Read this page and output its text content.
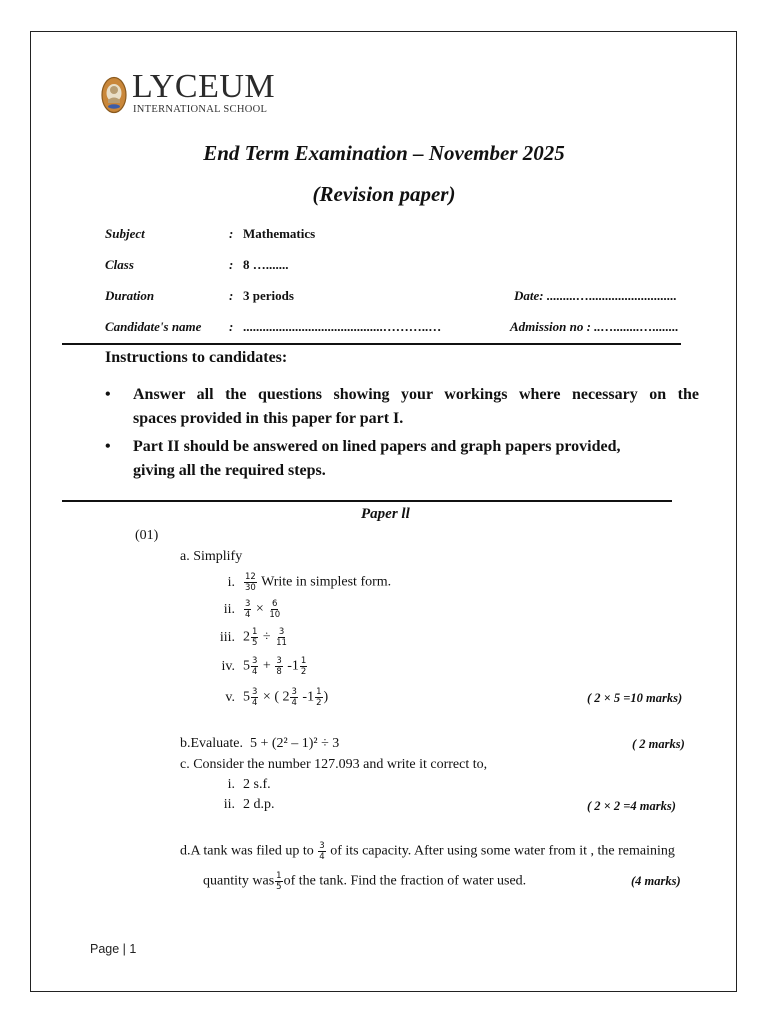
LYCEUM
INTERNATIONAL SCHOOL
End Term Examination – November 2025
(Revision paper)
Subject	: Mathematics
Class	: 8 ….......
Duration	: 3 periods	Date: .........…...........................
Candidate's name : ...........................................………..…	Admission no : ..…........…........
Instructions to candidates:
• Answer all the questions showing your workings where necessary on the
spaces provided in this paper for part I.
• Part II should be answered on lined papers and graph papers provided,
giving all the required steps.
Paper ll
(01)
a. Simplify
i. $\frac{12}{30}$ Write in simplest form.
ii. $\frac{3}{4} \times \frac{6}{10}$
iii. $2 \frac{1}{5} \div \frac{3}{11}$
iv. $5 \frac{3}{4} + \frac{3}{8} -1 \frac{1}{2}$
v. $5 \frac{3}{4}$ × ( $2 \frac{3}{4} -1 \frac{1}{2}$ )	( 2 × 5 =10 marks)
b.Evaluate. 5 + (2² – 1)² ÷ 3	( 2 marks)
c. Consider the number 127.093 and write it correct to,
i. 2 s.f.
ii. 2 d.p.	( 2 × 2 =4 marks)
d.A tank was filed up to $\frac{3}{4}$ of its capacity. After using some water from it , the remaining
quantity was $\frac{1}{5}$ of the tank. Find the fraction of water used.	(4 marks)
Page | 1
